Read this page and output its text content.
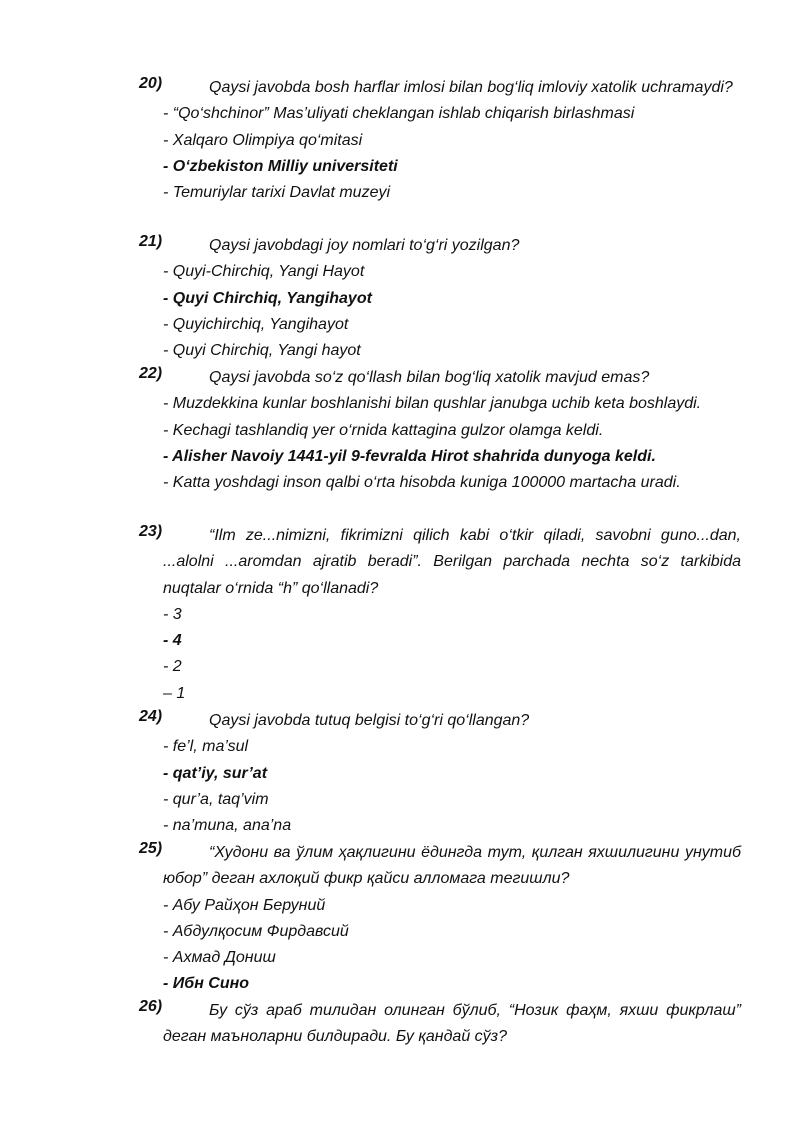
20)	Qaysi javobda bosh harflar imlosi bilan bog‘liq imloviy xatolik uchramaydi?

- “Qo‘shchinor” Mas’uliyati cheklangan ishlab chiqarish birlashmasi
- Xalqaro Olimpiya qo‘mitasi
- O‘zbekiston Milliy universiteti
- Temuriylar tarixi Davlat muzeyi
21)	Qaysi javobdagi joy nomlari to‘g‘ri yozilgan?

- Quyi-Chirchiq, Yangi Hayot
- Quyi Chirchiq, Yangihayot
- Quyichirchiq, Yangihayot
- Quyi Chirchiq, Yangi hayot
22)	Qaysi javobda so‘z qo‘llash bilan bog‘liq xatolik mavjud emas?

- Muzdekkina kunlar boshlanishi bilan qushlar janubga uchib keta boshlaydi.
- Kechagi tashlandiq yer o‘rnida kattagina gulzor olamga keldi.
- Alisher Navoiy 1441-yil 9-fevralda Hirot shahrida dunyoga keldi.
- Katta yoshdagi inson qalbi o‘rta hisobda kuniga 100000 martacha uradi.
23)	“Ilm ze...nimizni, fikrimizni qilich kabi o‘tkir qiladi, savobni guno...dan, ...alolni ...aromdan ajratib beradi”. Berilgan parchada nechta so‘z tarkibida nuqtalar o‘rnida “h” qo‘llanadi?

- 3
- 4
- 2
– 1
24)	Qaysi javobda tutuq belgisi to‘g‘ri qo‘llangan?

- fe’l, ma’sul
- qat’iy, sur’at
- qur’a, taq’vim
- na’muna, ana’na
25)	“Худони ва ўлим ҳақлигини ёдингда тут, қилган яхшилигини унутиб юбор” деган ахлоқий фикр қайси алломага тегишли?

- Абу Райҳон Беруний
- Абдулқосим Фирдавсий
- Ахмад Дониш
- Ибн Сино
26)	Бу сўз араб тилидан олинган бўлиб, “Нозик фаҳм, яхши фикрлаш” деган маъноларни билдиради. Бу қандай сўз?
